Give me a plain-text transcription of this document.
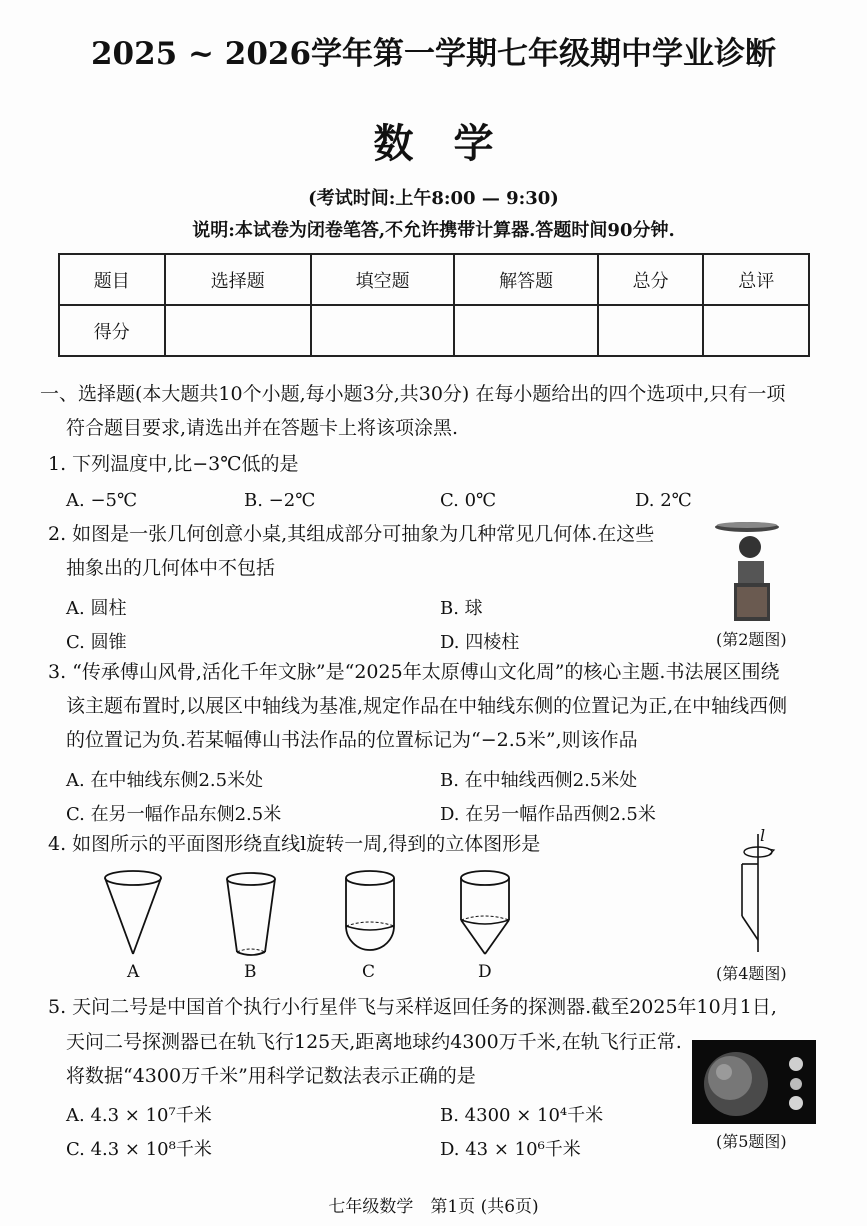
2025 ~ 2026学年第一学期七年级期中学业诊断
数学
(考试时间:上午8:00 — 9:30)
说明:本试卷为闭卷笔答,不允许携带计算器.答题时间90分钟.
题目	选择题	填空题	解答题	总分	总评
得分					
一、选择题(本大题共10个小题,每小题3分,共30分) 在每小题给出的四个选项中,只有一项
符合题目要求,请选出并在答题卡上将该项涂黑.
1. 下列温度中,比−3℃低的是
A. −5℃	B. −2℃	C. 0℃	D. 2℃
2. 如图是一张几何创意小桌,其组成部分可抽象为几种常见几何体.在这些
抽象出的几何体中不包括
A. 圆柱	B. 球
C. 圆锥	D. 四棱柱	(第2题图)
3. “传承傅山风骨,活化千年文脉”是“2025年太原傅山文化周”的核心主题.书法展区围绕
该主题布置时,以展区中轴线为基准,规定作品在中轴线东侧的位置记为正,在中轴线西侧
的位置记为负.若某幅傅山书法作品的位置标记为“−2.5米”,则该作品
A. 在中轴线东侧2.5米处	B. 在中轴线西侧2.5米处
C. 在另一幅作品东侧2.5米	D. 在另一幅作品西侧2.5米
4. 如图所示的平面图形绕直线l旋转一周,得到的立体图形是
A	B	C	D
l
(第4题图)
5. 天问二号是中国首个执行小行星伴飞与采样返回任务的探测器.截至2025年10月1日,
天问二号探测器已在轨飞行125天,距离地球约4300万千米,在轨飞行正常.
将数据“4300万千米”用科学记数法表示正确的是
A. 4.3 × 10⁷千米	B. 4300 × 10⁴千米
C. 4.3 × 10⁸千米	D. 43 × 10⁶千米	(第5题图)
七年级数学　第1页 (共6页)
